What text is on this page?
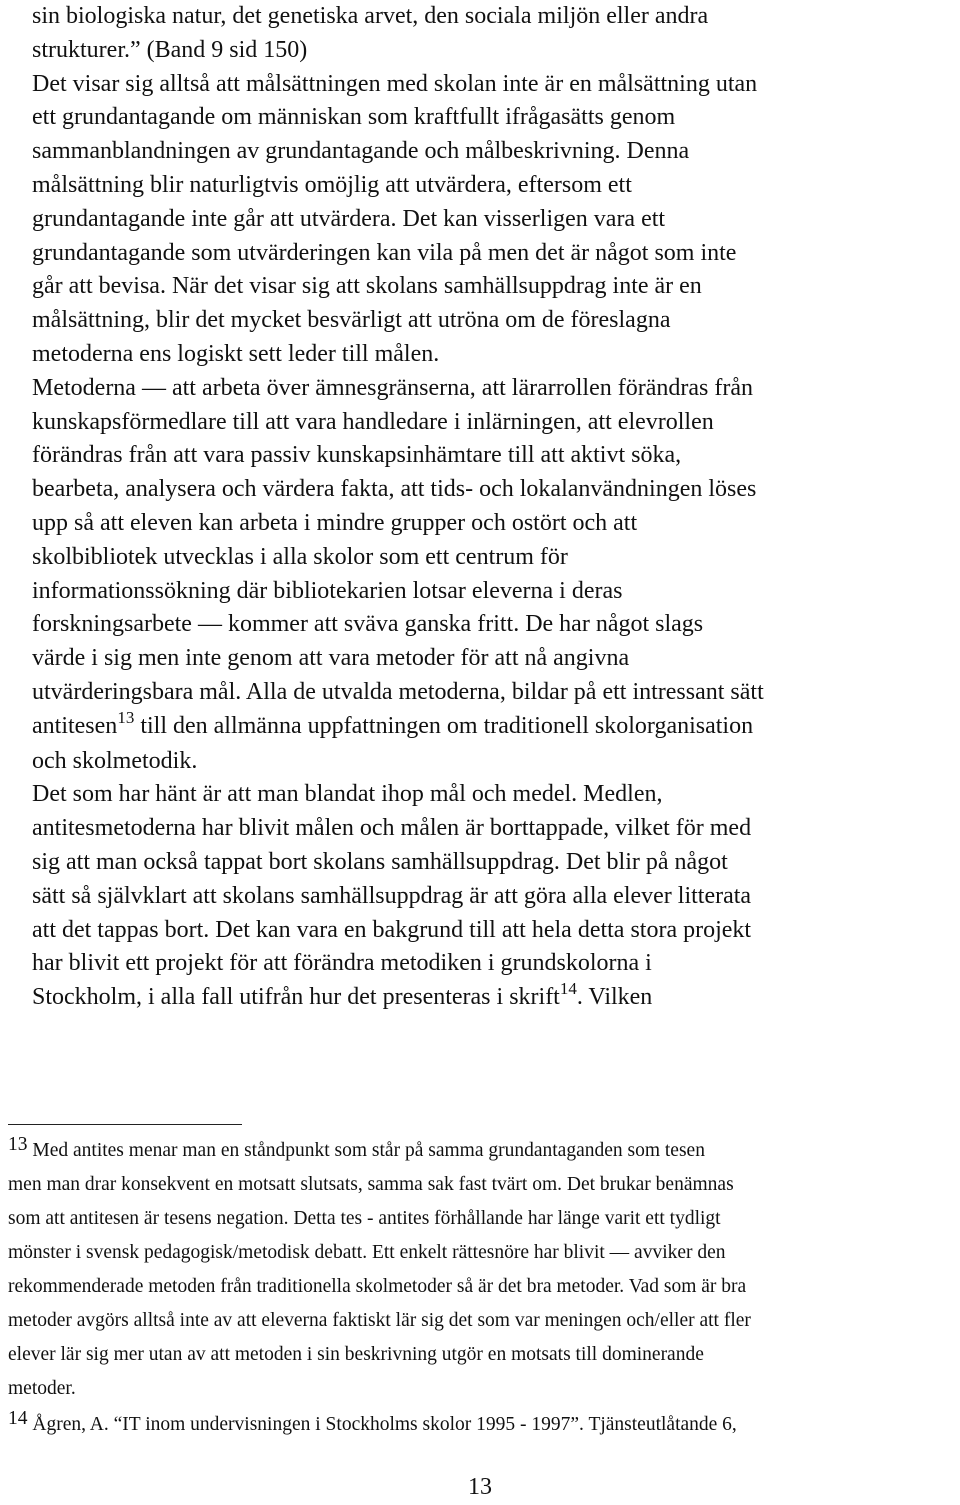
sin biologiska natur, det genetiska arvet, den sociala miljön eller andra
strukturer.” (Band 9 sid 150)

Det visar sig alltså att målsättningen med skolan inte är en målsättning utan
ett grundantagande om människan som kraftfullt ifrågasätts genom
sammanblandningen av grundantagande och målbeskrivning. Denna
målsättning blir naturligtvis omöjlig att utvärdera, eftersom ett
grundantagande inte går att utvärdera. Det kan visserligen vara ett
grundantagande som utvärderingen kan vila på men det är något som inte
går att bevisa. När det visar sig att skolans samhällsuppdrag inte är en
målsättning, blir det mycket besvärligt att utröna om de föreslagna
metoderna ens logiskt sett leder till målen.

Metoderna — att arbeta över ämnesgränserna, att lärarrollen förändras från
kunskapsförmedlare till att vara handledare i inlärningen, att elevrollen
förändras från att vara passiv kunskapsinhämtare till att aktivt söka,
bearbeta, analysera och värdera fakta, att tids- och lokalanvändningen löses
upp så att eleven kan arbeta i mindre grupper och ostört och att
skolbibliotek utvecklas i alla skolor som ett centrum för
informationssökning där bibliotekarien lotsar eleverna i deras
forskningsarbete — kommer att sväva ganska fritt. De har något slags
värde i sig men inte genom att vara metoder för att nå angivna
utvärderingsbara mål. Alla de utvalda metoderna, bildar på ett intressant sätt
antitesen$^{13}$ till den allmänna uppfattningen om traditionell skolorganisation
och skolmetodik.

Det som har hänt är att man blandat ihop mål och medel. Medlen,
antitesmetoderna har blivit målen och målen är borttappade, vilket för med
sig att man också tappat bort skolans samhällsuppdrag. Det blir på något
sätt så självklart att skolans samhällsuppdrag är att göra alla elever litterata
att det tappas bort. Det kan vara en bakgrund till att hela detta stora projekt
har blivit ett projekt för att förändra metodiken i grundskolorna i
Stockholm, i alla fall utifrån hur det presenteras i skrift$^{14}$. Vilken

13 Med antites menar man en ståndpunkt som står på samma grundantaganden som tesen
men man drar konsekvent en motsatt slutsats, samma sak fast tvärt om. Det brukar benämnas
som att antitesen är tesens negation. Detta tes - antites förhållande har länge varit ett tydligt
mönster i svensk pedagogisk/metodisk debatt. Ett enkelt rättesnöre har blivit — avviker den
rekommenderade metoden från traditionella skolmetoder så är det bra metoder. Vad som är bra
metoder avgörs alltså inte av att eleverna faktiskt lär sig det som var meningen och/eller att fler
elever lär sig mer utan av att metoden i sin beskrivning utgör en motsats till dominerande
metoder.
14 Ågren, A. “IT inom undervisningen i Stockholms skolor 1995 - 1997”. Tjänsteutlåtande 6,
13
